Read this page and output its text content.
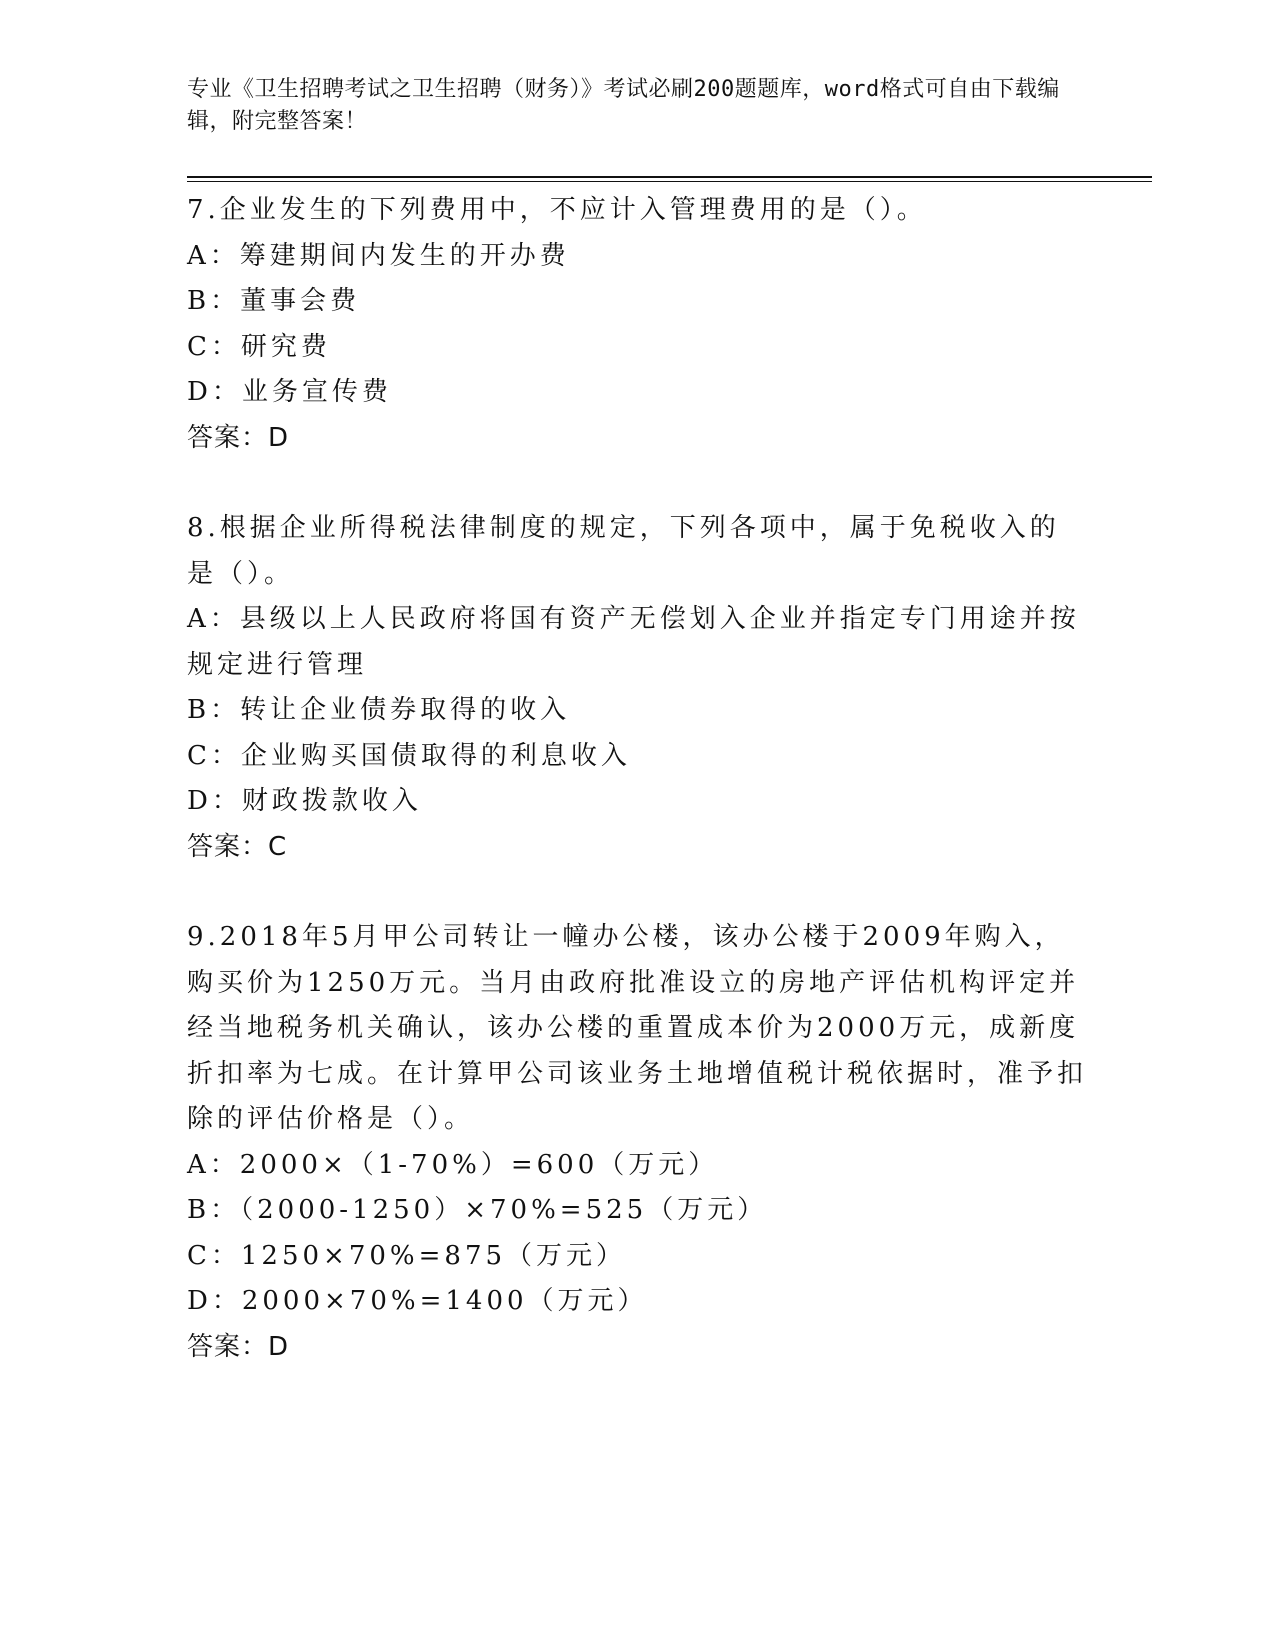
专业《卫生招聘考试之卫生招聘（财务）》考试必刷200题题库，word格式可自由下载编辑，附完整答案！
7.企业发生的下列费用中，不应计入管理费用的是（）。
A：筹建期间内发生的开办费
B：董事会费
C：研究费
D：业务宣传费
答案：D
8.根据企业所得税法律制度的规定，下列各项中，属于免税收入的是（）。
A：县级以上人民政府将国有资产无偿划入企业并指定专门用途并按规定进行管理
B：转让企业债券取得的收入
C：企业购买国债取得的利息收入
D：财政拨款收入
答案：C
9.2018年5月甲公司转让一幢办公楼，该办公楼于2009年购入，购买价为1250万元。当月由政府批准设立的房地产评估机构评定并经当地税务机关确认，该办公楼的重置成本价为2000万元，成新度折扣率为七成。在计算甲公司该业务土地增值税计税依据时，准予扣除的评估价格是（）。
A：2000×（1-70%）=600（万元）
B：（2000-1250）×70%=525（万元）
C：1250×70%=875（万元）
D：2000×70%=1400（万元）
答案：D
